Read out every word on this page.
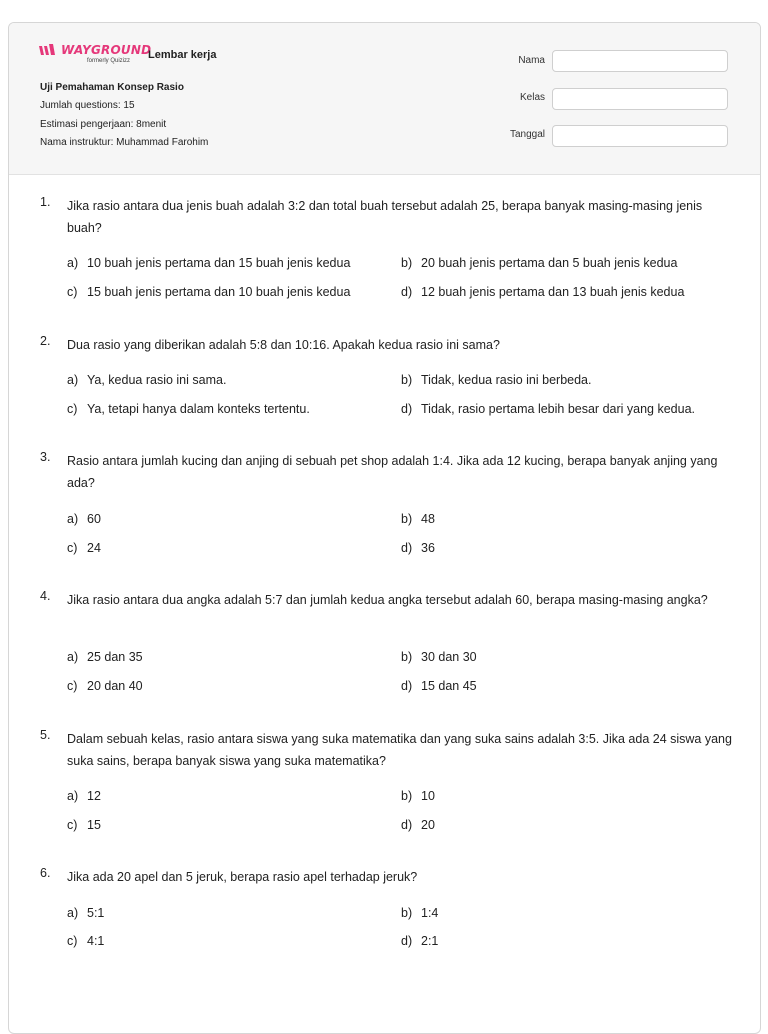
WAYGROUND
formerly Quizizz	Lembar kerja
Uji Pemahaman Konsep Rasio
Jumlah questions: 15
Estimasi pengerjaan: 8menit
Nama instruktur: Muhammad Farohim
Nama
Kelas
Tanggal
1. Jika rasio antara dua jenis buah adalah 3:2 dan total buah tersebut adalah 25, berapa banyak masing-masing jenis buah?
a) 10 buah jenis pertama dan 15 buah jenis kedua	b) 20 buah jenis pertama dan 5 buah jenis kedua
c) 15 buah jenis pertama dan 10 buah jenis kedua	d) 12 buah jenis pertama dan 13 buah jenis kedua
2. Dua rasio yang diberikan adalah 5:8 dan 10:16. Apakah kedua rasio ini sama?
a) Ya, kedua rasio ini sama.	b) Tidak, kedua rasio ini berbeda.
c) Ya, tetapi hanya dalam konteks tertentu.	d) Tidak, rasio pertama lebih besar dari yang kedua.
3. Rasio antara jumlah kucing dan anjing di sebuah pet shop adalah 1:4. Jika ada 12 kucing, berapa banyak anjing yang ada?
a) 60	b) 48
c) 24	d) 36
4. Jika rasio antara dua angka adalah 5:7 dan jumlah kedua angka tersebut adalah 60, berapa masing-masing angka?
a) 25 dan 35	b) 30 dan 30
c) 20 dan 40	d) 15 dan 45
5. Dalam sebuah kelas, rasio antara siswa yang suka matematika dan yang suka sains adalah 3:5. Jika ada 24 siswa yang suka sains, berapa banyak siswa yang suka matematika?
a) 12	b) 10
c) 15	d) 20
6. Jika ada 20 apel dan 5 jeruk, berapa rasio apel terhadap jeruk?
a) 5:1	b) 1:4
c) 4:1	d) 2:1
